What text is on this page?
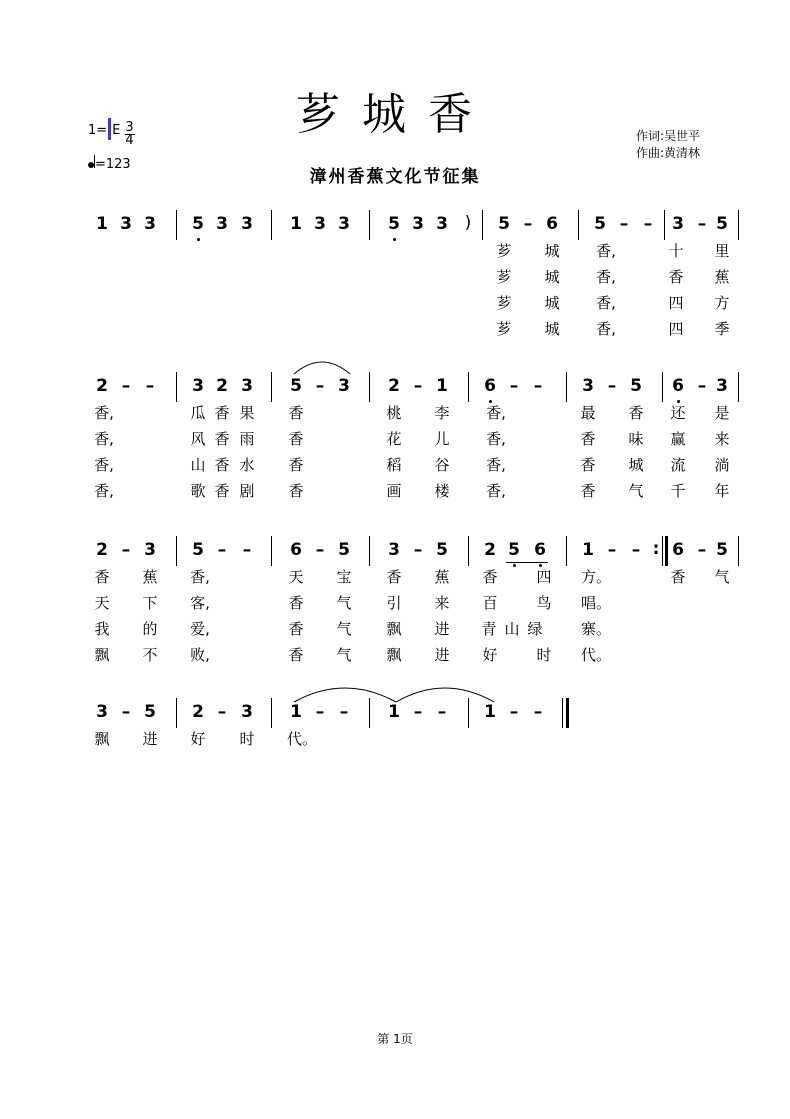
芗城香
漳州香蕉文化节征集
1= E $\frac{3}{4}$
=123
作词:吴世平
作曲:黄清林
1 3 3 5 3 3 1 3 3 5 3 3 ) 5 – 6 5 – – 3 – 5
芗 城 香,	十 里
芗 城 香,	香 蕉
芗 城 香,	四 方
芗 城 香,	四 季
2 – – 3 2 3 5 – 3 2 – 1 6 – – 3 – 5 6 – 3
香,	瓜 香 果 香	桃 李 香,	最 香 还 是
香,	风 香 雨 香	花 儿 香,	香 味 赢 来
香,	山 香 水 香	稻 谷 香,	香 城 流 淌
香,	歌 香 剧 香	画 楼 香,	香 气 千 年
2 – 3 5 – – 6 – 5 3 – 5 2 5 6 1 – – : 6 – 5
香 蕉 香,	天 宝 香 蕉 香	四 方。	香 气
天 下 客,	香 气 引 来 百	鸟 唱。
我 的 爱,	香 气 飘 进 青山绿 寨。
飘 不 败,	香 气 飘 进 好	时 代。
3 – 5 2 – 3 1 – – 1 – – 1 – –
飘 进 好 时 代。
第 1页
